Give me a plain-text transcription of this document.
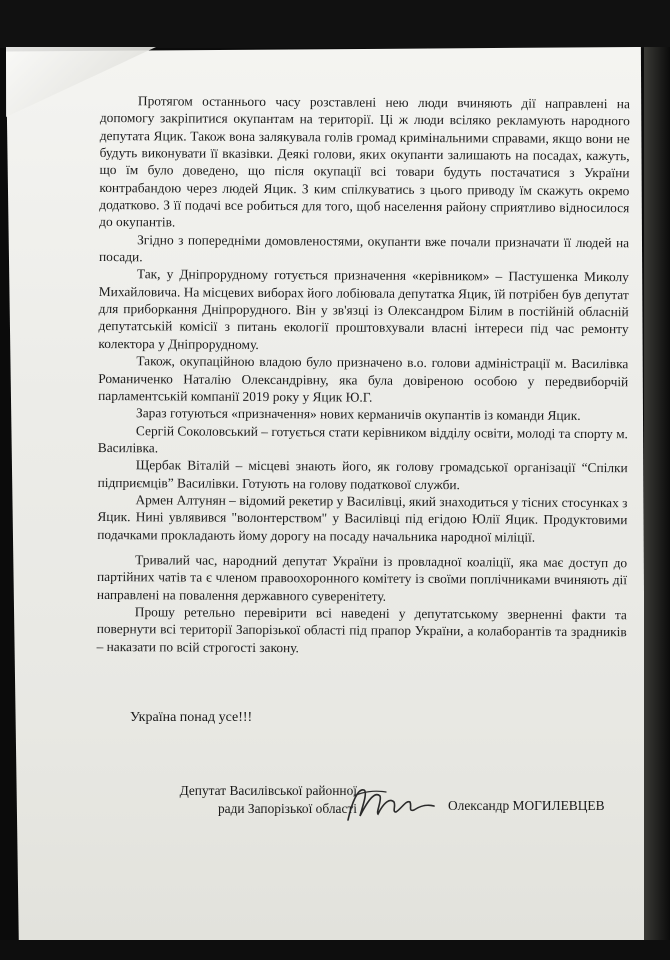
Протягом останнього часу розставлені нею люди вчиняють дії направлені на допомогу закріпитися окупантам на території. Ці ж люди всіляко рекламують народного депутата Яцик. Також вона залякувала голів громад кримінальними справами, якщо вони не будуть виконувати її вказівки. Деякі голови, яких окупанти залишають на посадах, кажуть, що їм було доведено, що після окупації всі товари будуть постачатися з України контрабандою через людей Яцик. З ким спілкуватись з цього приводу їм скажуть окремо додатково. З її подачі все робиться для того, щоб населення району сприятливо відносилося до окупантів.

Згідно з попередніми домовленостями, окупанти вже почали призначати її людей на посади.

Так, у Дніпрорудному готується призначення «керівником» – Пастушенка Миколу Михайловича. На місцевих виборах його лобіювала депутатка Яцик, їй потрібен був депутат для приборкання Дніпрорудного. Він у зв'язці із Олександром Білим в постійній обласній депутатській комісії з питань екології проштовхували власні інтереси під час ремонту колектора у Дніпрорудному.

Також, окупаційною владою було призначено в.о. голови адміністрації м. Василівка Романиченко Наталію Олександрівну, яка була довіреною особою у передвиборчій парламентській компанії 2019 року у Яцик Ю.Г.

Зараз готуються «призначення» нових керманичів окупантів із команди Яцик.

Сергій Соколовський – готується стати керівником відділу освіти, молоді та спорту м. Василівка.

Щербак Віталій – місцеві знають його, як голову громадської організації “Спілки підприємців” Василівки. Готують на голову податкової служби.

Армен Алтунян – відомий рекетир у Василівці, який знаходиться у тісних стосунках з Яцик. Нині увлявився "волонтерством" у Василівці під егідою Юлії Яцик. Продуктовими подачками прокладають йому дорогу на посаду начальника народної міліції.

Тривалий час, народний депутат України із провладної коаліції, яка має доступ до партійних чатів та є членом правоохоронного комітету із своїми поплічниками вчиняють дії направлені на повалення державного суверенітету.

Прошу ретельно перевірити всі наведені у депутатському зверненні факти та повернути всі території Запорізької області під прапор України, а колаборантів та зрадників – наказати по всій строгості закону.

Україна понад усе!!!
Депутат Василівської районної
ради Запорізької області	Олександр МОГИЛЕВЦЕВ
